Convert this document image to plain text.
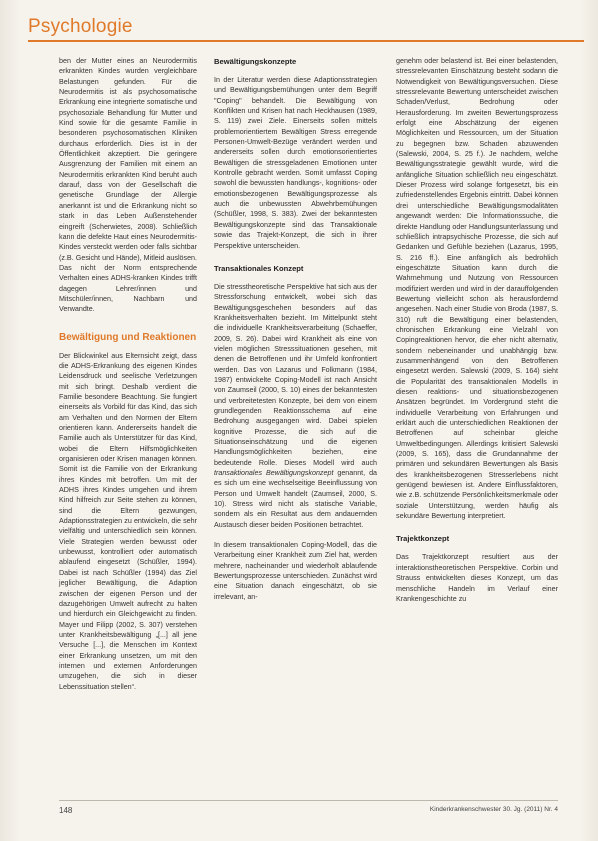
Psychologie

ben der Mutter eines an Neurodermitis erkrankten Kindes wurden vergleichbare Belastungen gefunden. Für die Neurodermitis ist als psychosomatische Erkrankung eine integrierte somatische und psychosoziale Behandlung für Mutter und Kind sowie für die gesamte Familie in besonderen psychosomatischen Kliniken durchaus erforderlich. Dies ist in der Öffentlichkeit akzeptiert. Die geringere Ausgrenzung der Familien mit einem an Neurodermitis erkrankten Kind beruht auch darauf, dass von der Gesellschaft die genetische Grundlage der Allergie anerkannt ist und die Erkrankung nicht so stark in das Leben Außenstehender eingreift (Scherwietes, 2008). Schließlich kann die defekte Haut eines Neurodermitis-Kindes versteckt werden oder falls sichtbar (z.B. Gesicht und Hände), Mitleid auslösen. Das nicht der Norm entsprechende Verhalten eines ADHS-kranken Kindes trifft dagegen Lehrer/innen und Mitschüler/innen, Nachbarn und Verwandte.

Bewältigung und Reaktionen

Der Blickwinkel aus Elternsicht zeigt, dass die ADHS-Erkrankung des eigenen Kindes Leidensdruck und seelische Verletzungen mit sich bringt. Deshalb verdient die Familie besondere Beachtung. Sie fungiert einerseits als Vorbild für das Kind, das sich am Verhalten und den Normen der Eltern orientieren kann. Andererseits handelt die Familie auch als Unterstützer für das Kind, wobei die Eltern Hilfsmöglichkeiten organisieren oder Krisen managen können. Somit ist die Familie von der Erkrankung ihres Kindes mit betroffen. Um mit der ADHS ihres Kindes umgehen und ihrem Kind hilfreich zur Seite stehen zu können, sind die Eltern gezwungen, Adaptionsstrategien zu entwickeln, die sehr vielfältig und unterschiedlich sein können. Viele Strategien werden bewusst oder unbewusst, kontrolliert oder automatisch ablaufend eingesetzt (Schüßler, 1994). Dabei ist nach Schüßler (1994) das Ziel jeglicher Bewältigung, die Adaption zwischen der eigenen Person und der dazugehörigen Umwelt aufrecht zu halten und hierdurch ein Gleichgewicht zu finden. Mayer und Filipp (2002, S. 307) verstehen unter Krankheitsbewältigung „[...] all jene Versuche [...], die Menschen im Kontext einer Erkrankung unsetzen, um mit den internen und externen Anforderungen umzugehen, die sich in dieser Lebenssituation stellen“.

Bewältigungskonzepte

In der Literatur werden diese Adaptionsstrategien und Bewältigungsbemühungen unter dem Begriff "Coping" behandelt. Die Bewältigung von Konflikten und Krisen hat nach Heckhausen (1989, S. 119) zwei Ziele. Einerseits sollen mittels problemorientiertem Bewältigen Stress erregende Personen-Umwelt-Bezüge verändert werden und andererseits sollen durch emotionsorientiertes Bewältigen die stressgeladenen Emotionen unter Kontrolle gebracht werden. Somit umfasst Coping sowohl die bewussten handlungs-, kognitions- oder emotionsbezogenen Bewältigungsprozesse als auch die unbewussten Abwehrbemühungen (Schüßler, 1998, S. 383). Zwei der bekanntesten Bewältigungskonzepte sind das Transaktionale sowie das Trajekt-Konzept, die sich in ihrer Perspektive unterscheiden.

Transaktionales Konzept

Die stresstheoretische Perspektive hat sich aus der Stressforschung entwickelt, wobei sich das Bewältigungsgeschehen besonders auf das Krankheitsverhalten bezieht. Im Mittelpunkt steht die individuelle Krankheitsverarbeitung (Schaeffer, 2009, S. 26). Dabei wird Krankheit als eine von vielen möglichen Stresssituationen gesehen, mit denen die Betroffenen und ihr Umfeld konfrontiert werden. Das von Lazarus und Folkmann (1984, 1987) entwickelte Coping-Modell ist nach Ansicht von Zaumseil (2000, S. 10) eines der bekanntesten und verbreitetesten Konzepte, bei dem von einem grundlegenden Reaktionsschema auf eine Bedrohung ausgegangen wird. Dabei spielen kognitive Prozesse, die sich auf die Situationseinschätzung und die eigenen Handlungsmöglichkeiten beziehen, eine bedeutende Rolle. Dieses Modell wird auch transaktionales Bewältigungskonzept genannt, da es sich um eine wechselseitige Beeinflussung von Person und Umwelt handelt (Zaumseil, 2000, S. 10). Stress wird nicht als statische Variable, sondern als ein Resultat aus dem andauernden Austausch dieser beiden Positionen betrachtet.

In diesem transaktionalen Coping-Modell, das die Verarbeitung einer Krankheit zum Ziel hat, werden mehrere, nacheinander und wiederholt ablaufende Bewertungsprozesse unterschieden. Zunächst wird eine Situation danach eingeschätzt, ob sie irrelevant, an-

genehm oder belastend ist. Bei einer belastenden, stressrelevanten Einschätzung besteht sodann die Notwendigkeit von Bewältigungsversuchen. Diese stressrelevante Bewertung unterscheidet zwischen Schaden/Verlust, Bedrohung oder Herausforderung. Im zweiten Bewertungsprozess erfolgt eine Abschätzung der eigenen Möglichkeiten und Ressourcen, um der Situation zu begegnen bzw. Schaden abzuwenden (Salewski, 2004, S. 25 f.). Je nachdem, welche Bewältigungsstrategie gewählt wurde, wird die anfängliche Situation schließlich neu eingeschätzt. Dieser Prozess wird solange fortgesetzt, bis ein zufriedenstellendes Ergebnis eintritt. Dabei können drei unterschiedliche Bewältigungsmodalitäten angewandt werden: Die Informationssuche, die direkte Handlung oder Handlungsunterlassung und schließlich intrapsychische Prozesse, die sich auf Gedanken und Gefühle beziehen (Lazarus, 1995, S. 216 ff.). Eine anfänglich als bedrohlich eingeschätzte Situation kann durch die Wahrnehmung und Nutzung von Ressourcen modifiziert werden und wird in der darauffolgenden Bewertung vielleicht schon als herausfordernd angesehen. Nach einer Studie von Broda (1987, S. 310) ruft die Bewältigung einer belastenden, chronischen Erkrankung eine Vielzahl von Copingreaktionen hervor, die eher nicht alternativ, sondern nebeneinander und unabhängig bzw. zusammenhängend von den Betroffenen eingesetzt werden. Salewski (2009, S. 164) sieht die Popularität des transaktionalen Modells in diesen reaktions- und situationsbezogenen Ansätzen begründet. Im Vordergrund steht die individuelle Verarbeitung von Erfahrungen und erklärt auch die unterschiedlichen Reaktionen der Betroffenen auf scheinbar gleiche Umweltbedingungen. Allerdings kritisiert Salewski (2009, S. 165), dass die Grundannahme der primären und sekundären Bewertungen als Basis des krankheitsbezogenen Stresserlebens nicht genügend bewiesen ist. Andere Einflussfaktoren, wie z.B. schützende Persönlichkeitsmerkmale oder soziale Unterstützung, werden häufig als sekundäre Bewertung interpretiert.

Trajektkonzept

Das Trajektkonzept resultiert aus der interaktionstheoretischen Perspektive. Corbin und Strauss entwickelten dieses Konzept, um das menschliche Handeln im Verlauf einer Krankengeschichte zu

148	Kinderkrankenschwester 30. Jg. (2011) Nr. 4
